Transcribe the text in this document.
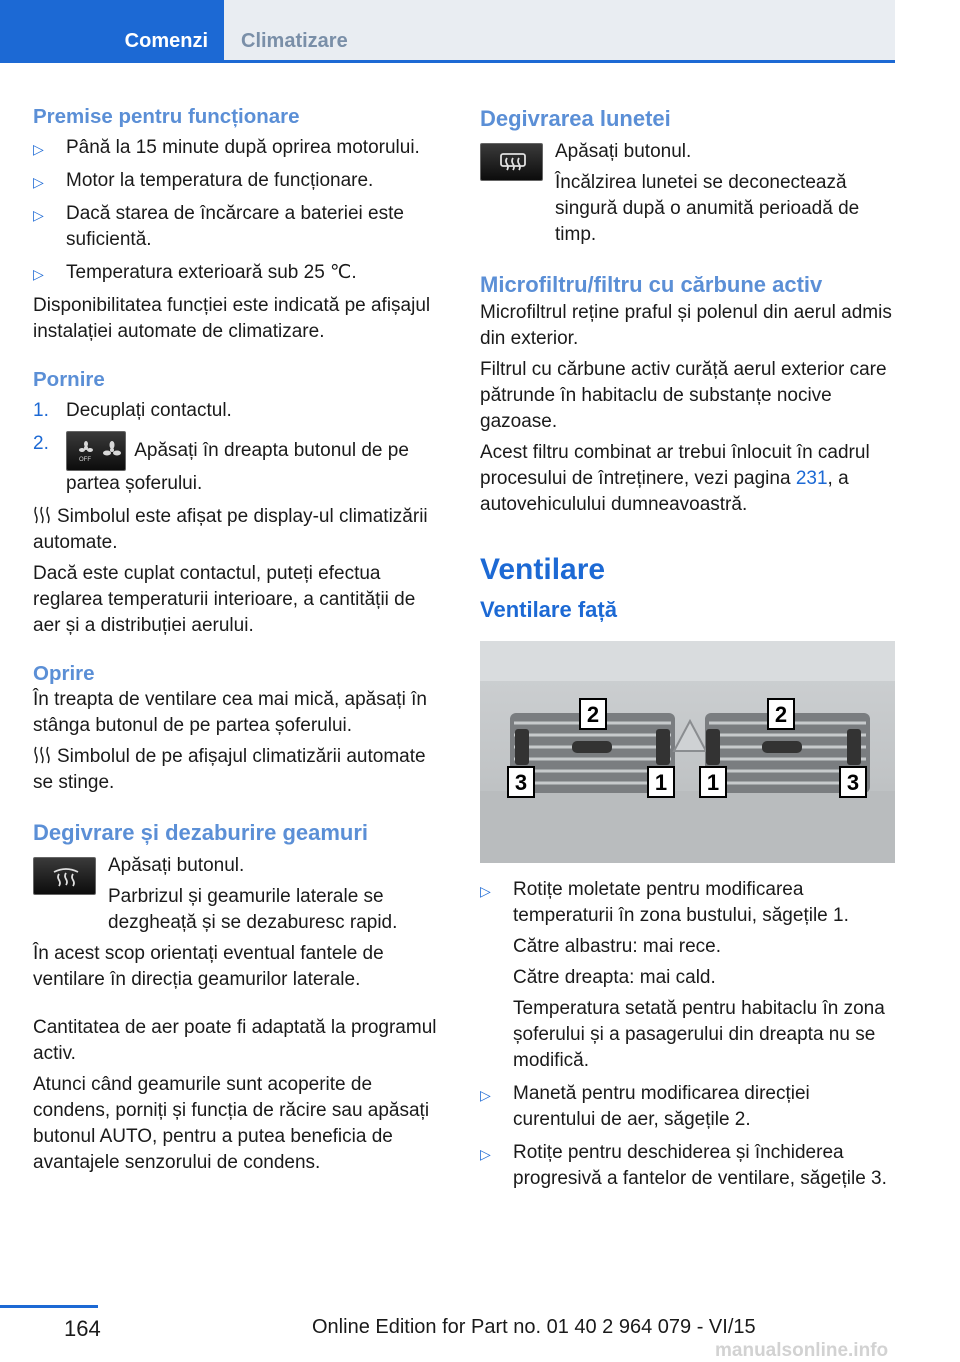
Comenzi	Climatizare
Premise pentru funcționare
▷ Până la 15 minute după oprirea motorului.
▷ Motor la temperatura de funcționare.
▷ Dacă starea de încărcare a bateriei este suficientă.
▷ Temperatura exterioară sub 25 ℃.

Disponibilitatea funcției este indicată pe afișajul instalației automate de climatizare.

Pornire
1. Decuplați contactul.
2.
OFF Apăsați în dreapta butonul de pe partea șoferului.

Simbolul este afișat pe display-ul climatizării automate.

Dacă este cuplat contactul, puteți efectua reglarea temperaturii interioare, a cantității de aer și a distribuției aerului.

Oprire

În treapta de ventilare cea mai mică, apăsați în stânga butonul de pe partea șoferului.

Simbolul de pe afișajul climatizării automate se stinge.

Degivrare și dezaburire geamuri

Apăsați butonul.

Parbrizul și geamurile laterale se dezgheață și se dezaburesc rapid.

În acest scop orientați eventual fantele de ventilare în direcția geamurilor laterale.

Cantitatea de aer poate fi adaptată la programul activ.

Atunci când geamurile sunt acoperite de condens, porniți și funcția de răcire sau apăsați butonul AUTO, pentru a putea beneficia de avantajele senzorului de condens.

Degivrarea lunetei

Apăsați butonul.

Încălzirea lunetei se deconectează singură după o anumită perioadă de timp.

Microfiltru/filtru cu cărbune activ

Microfiltrul reține praful și polenul din aerul admis din exterior.

Filtrul cu cărbune activ curăță aerul exterior care pătrunde în habitaclu de substanțe nocive gazoase.

Acest filtru combinat ar trebui înlocuit în cadrul procesului de întreținere, vezi pagina 231, a autovehiculului dumneavoastră.

Ventilare
Ventilare față
2	2
1 1
3	3
▷ Rotițe moletate pentru modificarea temperaturii în zona bustului, săgețile 1.

Către albastru: mai rece.

Către dreapta: mai cald.

Temperatura setată pentru habitaclu în zona șoferului și a pasagerului din dreapta nu se modifică.

▷ Manetă pentru modificarea direcției curentului de aer, săgețile 2.
▷ Rotițe pentru deschiderea și închiderea progresivă a fantelor de ventilare, săgețile 3.
164	Online Edition for Part no. 01 40 2 964 079 - VI/15
manualsonline.info
